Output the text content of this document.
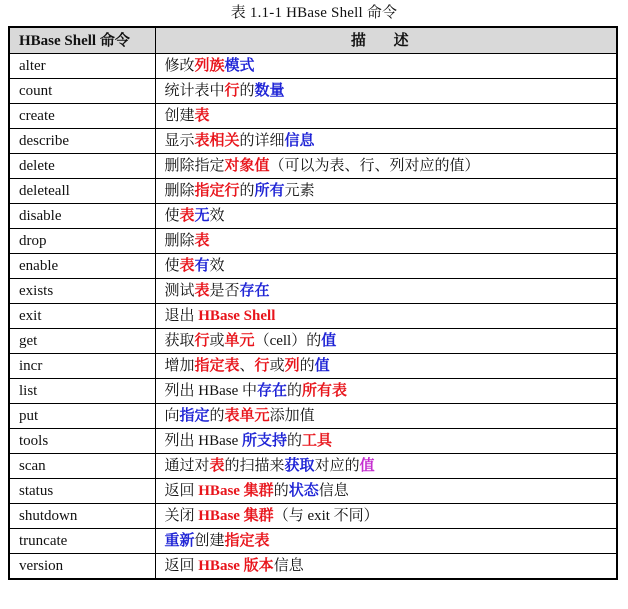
表 1.1-1 HBase Shell 命令
HBase Shell 命令	描 述
alter	修改列族模式
count	统计表中行的数量
create	创建表
describe	显示表相关的详细信息
delete	删除指定对象值（可以为表、行、列对应的值）
deleteall	删除指定行的所有元素
disable	使表无效
drop	删除表
enable	使表有效
exists	测试表是否存在
exit	退出 HBase Shell
get	获取行或单元（cell）的值
incr	增加指定表、行或列的值
list	列出 HBase 中存在的所有表
put	向指定的表单元添加值
tools	列出 HBase 所支持的工具
scan	通过对表的扫描来获取对应的值
status	返回 HBase 集群的状态信息
shutdown	关闭 HBase 集群（与 exit 不同）
truncate	重新创建指定表
version	返回 HBase 版本信息
